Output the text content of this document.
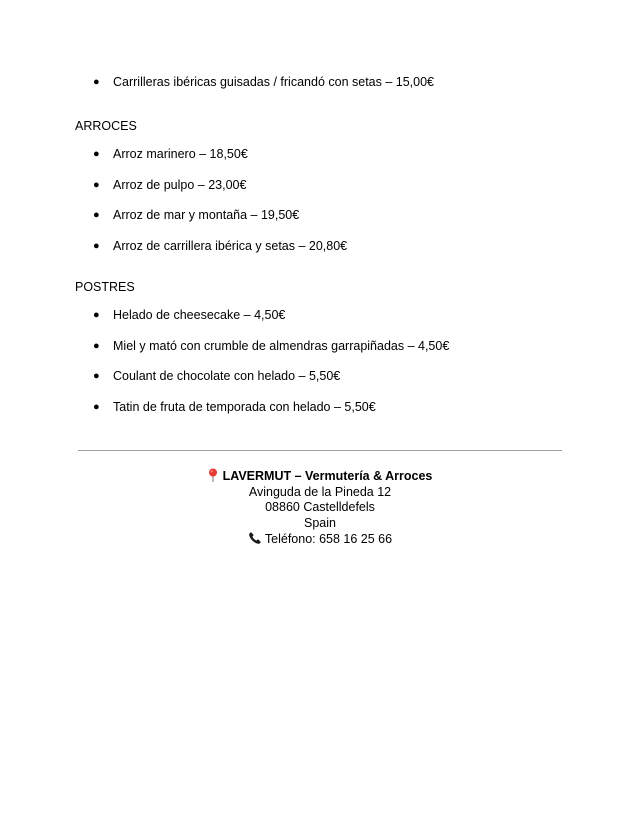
● Carrilleras ibéricas guisadas / fricandó con setas – 15,00€
ARROCES
● Arroz marinero – 18,50€
● Arroz de pulpo – 23,00€
● Arroz de mar y montaña – 19,50€
● Arroz de carrillera ibérica y setas – 20,80€
POSTRES
● Helado de cheesecake – 4,50€
● Miel y mató con crumble de almendras garrapiñadas – 4,50€
● Coulant de chocolate con helado – 5,50€
● Tatin de fruta de temporada con helado – 5,50€
LAVERMUT – Vermutería & Arroces
Avinguda de la Pineda 12
08860 Castelldefels
Spain
Teléfono: 658 16 25 66
